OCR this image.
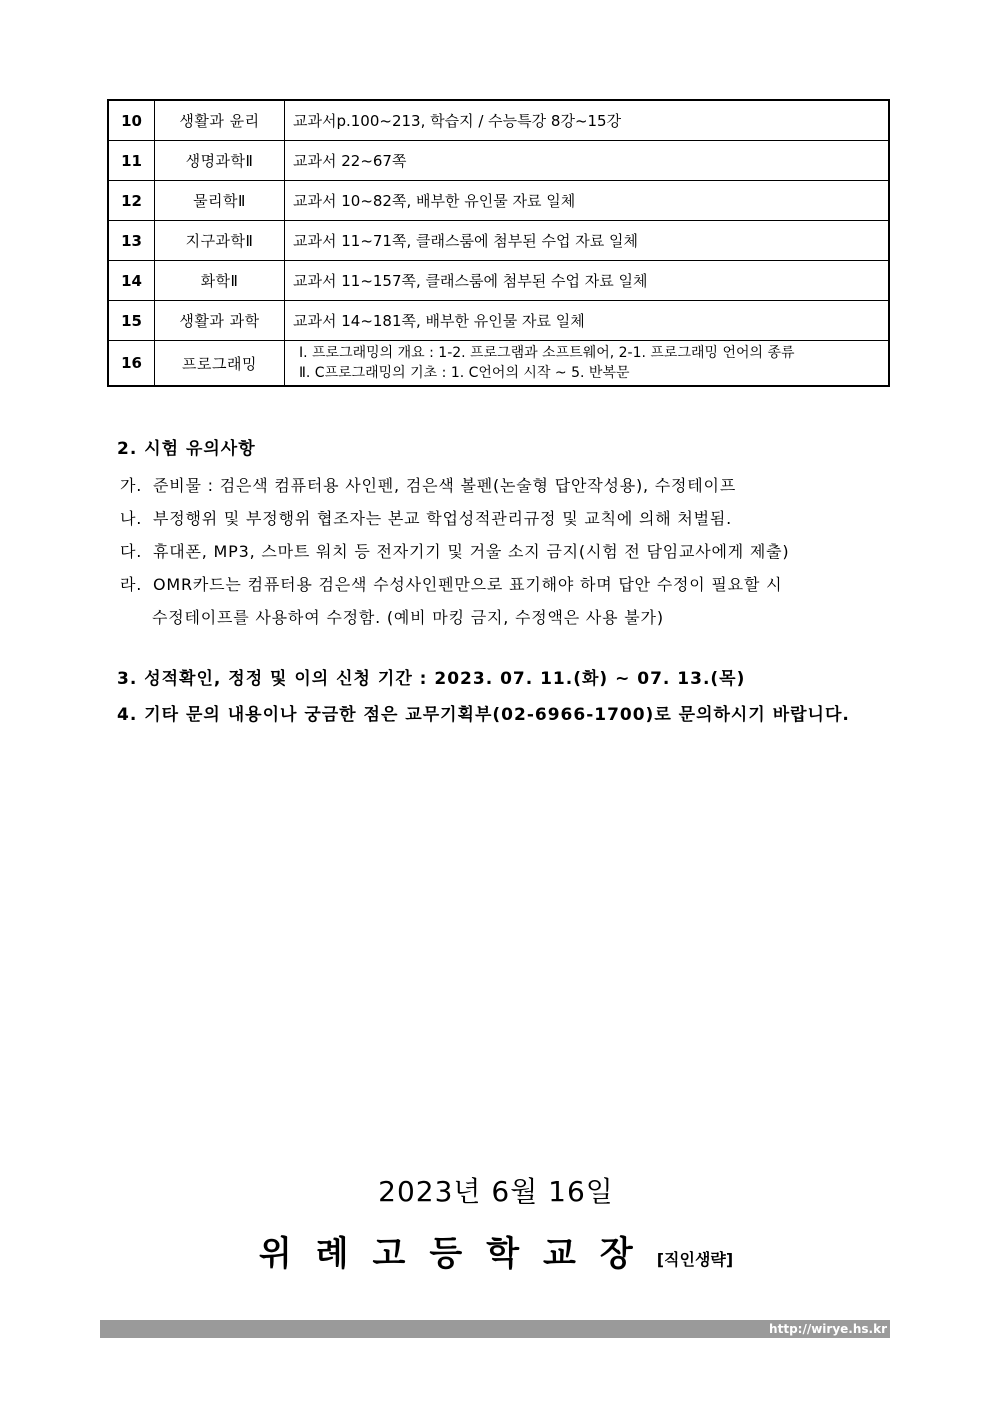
10	생활과 윤리	교과서p.100~213, 학습지 / 수능특강 8강~15강

11	생명과학Ⅱ	교과서 22~67쪽

12	물리학Ⅱ	교과서 10~82쪽, 배부한 유인물 자료 일체

13	지구과학Ⅱ	교과서 11~71쪽, 클래스룸에 첨부된 수업 자료 일체

14	화학Ⅱ	교과서 11~157쪽, 클래스룸에 첨부된 수업 자료 일체

15	생활과 과학	교과서 14~181쪽, 배부한 유인물 자료 일체

16	프로그래밍	Ⅰ. 프로그래밍의 개요 : 1-2. 프로그램과 소프트웨어, 2-1. 프로그래밍 언어의 종류
Ⅱ. C프로그래밍의 기초 : 1. C언어의 시작 ~ 5. 반복문
2. 시험 유의사항
가. 준비물 : 검은색 컴퓨터용 사인펜, 검은색 볼펜(논술형 답안작성용), 수정테이프
나. 부정행위 및 부정행위 협조자는 본교 학업성적관리규정 및 교칙에 의해 처벌됨.
다. 휴대폰, MP3, 스마트 워치 등 전자기기 및 거울 소지 금지(시험 전 담임교사에게 제출)
라. OMR카드는 컴퓨터용 검은색 수성사인펜만으로 표기해야 하며 답안 수정이 필요할 시
수정테이프를 사용하여 수정함. (예비 마킹 금지, 수정액은 사용 불가)
3. 성적확인, 정정 및 이의 신청 기간 : 2023. 07. 11.(화) ~ 07. 13.(목)
4. 기타 문의 내용이나 궁금한 점은 교무기획부(02-6966-1700)로 문의하시기 바랍니다.
2023년 6월 16일
위례고등학교장[직인생략]
http://wirye.hs.kr
